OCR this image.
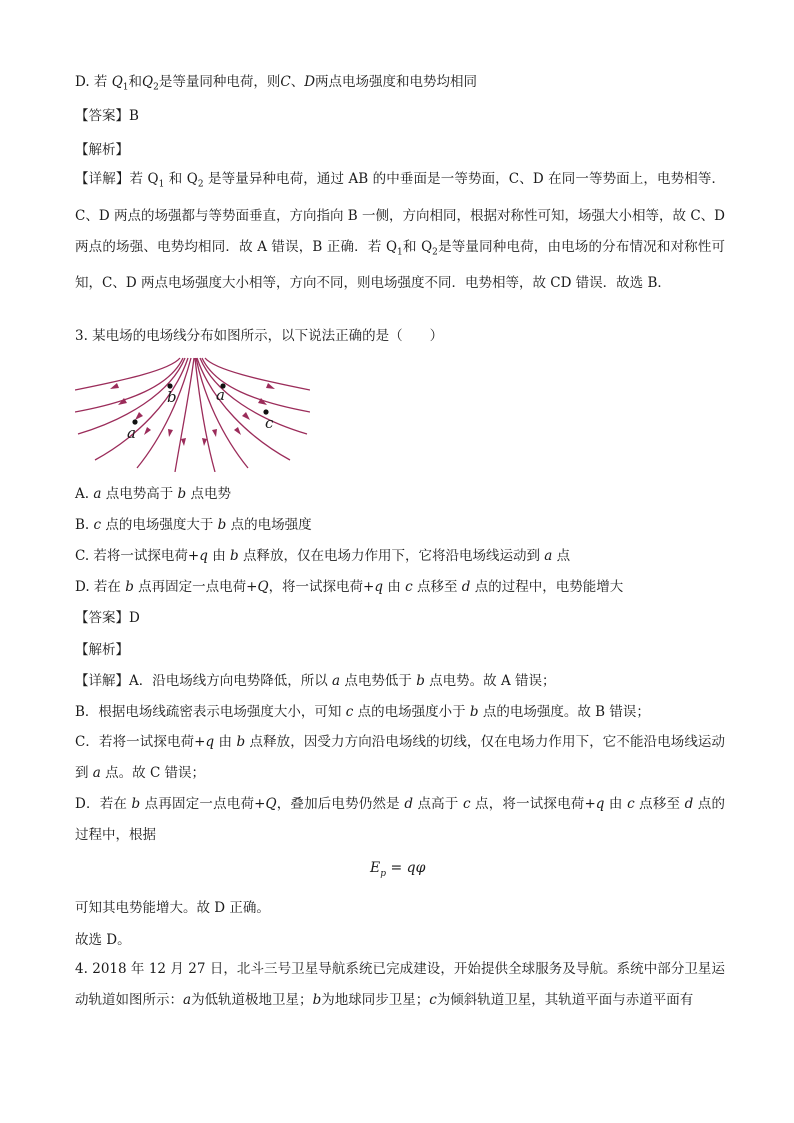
D. 若 $Q_1$和$Q_2$是等量同种电荷，则C、D两点电场强度和电势均相同
【答案】B
【解析】
【详解】若 $Q_1$ 和 $Q_2$ 是等量异种电荷，通过 AB 的中垂面是一等势面，C、D 在同一等势面上，电势相等．C、D 两点的场强都与等势面垂直，方向指向 B 一侧，方向相同，根据对称性可知，场强大小相等，故 C、D 两点的场强、电势均相同．故 A 错误，B 正确．若 $Q_1$和 $Q_2$是等量同种电荷，由电场的分布情况和对称性可知，C、D 两点电场强度大小相等，方向不同，则电场强度不同．电势相等，故 CD 错误．故选 B．
3. 某电场的电场线分布如图所示，以下说法正确的是（　　）
b	a
c
a
A. a 点电势高于 b 点电势
B. c 点的电场强度大于 b 点的电场强度
C. 若将一试探电荷+q 由 b 点释放，仅在电场力作用下，它将沿电场线运动到 a 点
D. 若在 b 点再固定一点电荷+Q，将一试探电荷+q 由 c 点移至 d 点的过程中，电势能增大
【答案】D
【解析】
【详解】A．沿电场线方向电势降低，所以 a 点电势低于 b 点电势。故 A 错误；
B．根据电场线疏密表示电场强度大小，可知 c 点的电场强度小于 b 点的电场强度。故 B 错误；
C．若将一试探电荷+q 由 b 点释放，因受力方向沿电场线的切线，仅在电场力作用下，它不能沿电场线运动到 a 点。故 C 错误；
D．若在 b 点再固定一点电荷+Q，叠加后电势仍然是 d 点高于 c 点，将一试探电荷+q 由 c 点移至 d 点的过程中，根据
$E_p = q\varphi$
可知其电势能增大。故 D 正确。
故选 D。
4. 2018 年 12 月 27 日，北斗三号卫星导航系统已完成建设，开始提供全球服务及导航。系统中部分卫星运动轨道如图所示：a为低轨道极地卫星；b为地球同步卫星；c为倾斜轨道卫星，其轨道平面与赤道平面有
